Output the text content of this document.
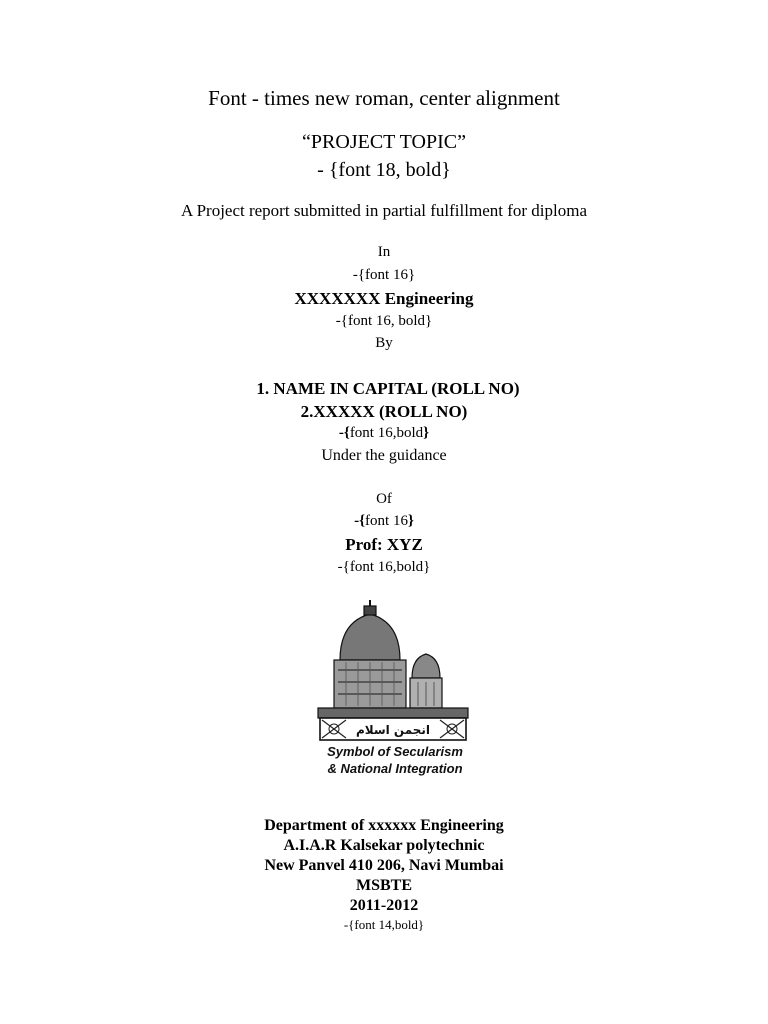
Font - times new roman, center alignment
“PROJECT TOPIC”
- {font 18, bold}
A Project report submitted in partial fulfillment for diploma
In
-{font 16}
XXXXXXX Engineering
-{font 16, bold}
By
1. NAME IN CAPITAL (ROLL NO)
2.XXXXX (ROLL NO)
-{font 16,bold}
Under the guidance
Of
-{font 16}
Prof: XYZ
-{font 16,bold}
انجمن اسلام
Symbol of Secularism
& National Integration
Department of xxxxxx Engineering
A.I.A.R Kalsekar polytechnic
New Panvel 410 206, Navi Mumbai
MSBTE
2011-2012
-{font 14,bold}
